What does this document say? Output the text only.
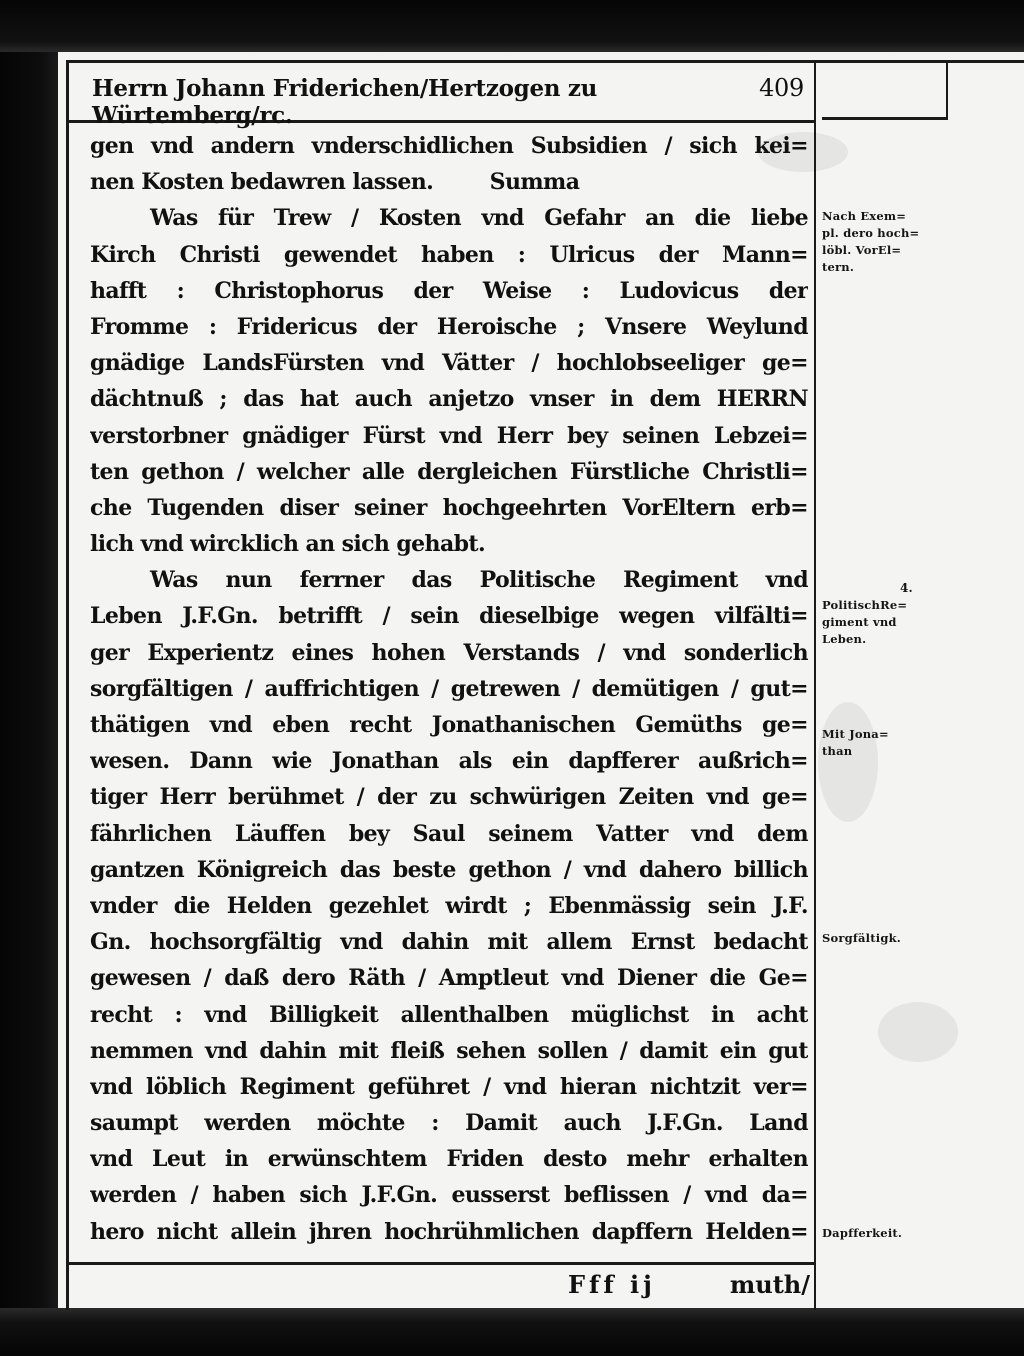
Herrn Johann Friderichen/Hertzogen zu Würtemberg/rc.
409
gen vnd andern vnderschidlichen Subsidien / sich kei=
nen Kosten bedawren lassen.        Summa
Was für Trew / Kosten vnd Gefahr an die liebe
Kirch Christi gewendet haben : Ulricus der Mann=
hafft : Christophorus der Weise : Ludovicus der
Fromme : Fridericus der Heroische ; Vnsere Weylund
gnädige LandsFürsten vnd Vätter / hochlobseeliger ge=
dächtnuß ; das hat auch anjetzo vnser in dem HERRN
verstorbner gnädiger Fürst vnd Herr bey seinen Lebzei=
ten gethon / welcher alle dergleichen Fürstliche Christli=
che Tugenden diser seiner hochgeehrten VorEltern erb=
lich vnd wircklich an sich gehabt.
Was nun ferrner das Politische Regiment vnd
Leben J.F.Gn. betrifft / sein dieselbige wegen vilfälti=
ger Experientz eines hohen Verstands / vnd sonderlich
sorgfältigen / auffrichtigen / getrewen / demütigen / gut=
thätigen vnd eben recht Jonathanischen Gemüths ge=
wesen. Dann wie Jonathan als ein dapfferer außrich=
tiger Herr berühmet / der zu schwürigen Zeiten vnd ge=
fährlichen Läuffen bey Saul seinem Vatter vnd dem
gantzen Königreich das beste gethon / vnd dahero billich
vnder die Helden gezehlet wirdt ; Ebenmässig sein J.F.
Gn. hochsorgfältig vnd dahin mit allem Ernst bedacht
gewesen / daß dero Räth / Amptleut vnd Diener die Ge=
recht : vnd Billigkeit allenthalben müglichst in acht
nemmen vnd dahin mit fleiß sehen sollen / damit ein gut
vnd löblich Regiment geführet / vnd hieran nichtzit ver=
saumpt werden möchte : Damit auch J.F.Gn. Land
vnd Leut in erwünschtem Friden desto mehr erhalten
werden / haben sich J.F.Gn. eusserst beflissen / vnd da=
hero nicht allein jhren hochrühmlichen dapffern Helden=
Nach Exem=
pl. dero hoch=
löbl. VorEl=
tern.
4.
PolitischRe=
giment vnd
Leben.
Mit Jona=
than
Sorgfältigk.
Dapfferkeit.
Fff ij	muth/
